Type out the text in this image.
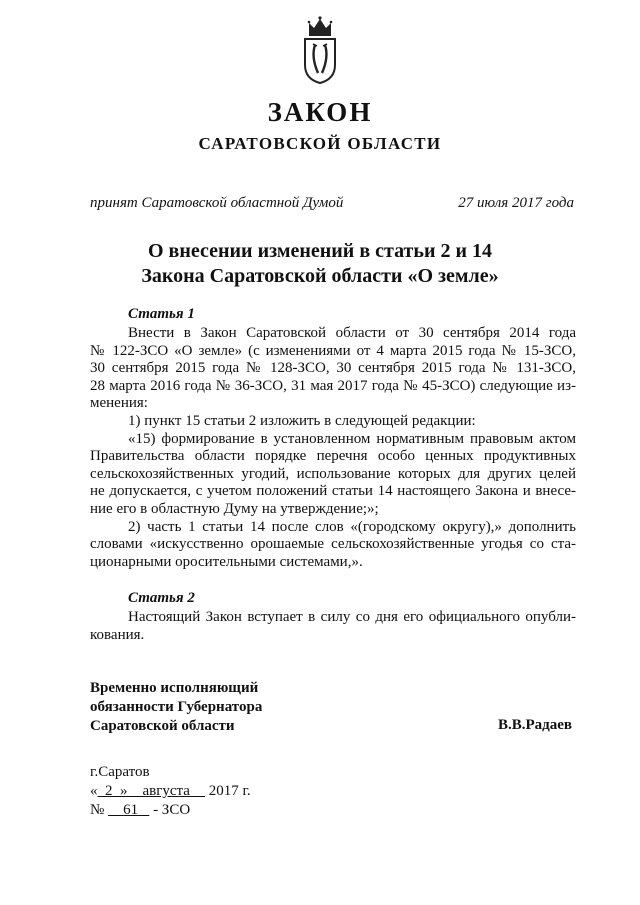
ЗАКОН
САРАТОВСКОЙ ОБЛАСТИ
принят Саратовской областной Думой	27 июля 2017 года
О внесении изменений в статьи 2 и 14
Закона Саратовской области «О земле»
Статья 1
Внести в Закон Саратовской области от 30 сентября 2014 года
№ 122-ЗСО «О земле» (с изменениями от 4 марта 2015 года № 15-ЗСО,
30 сентября 2015 года № 128-ЗСО, 30 сентября 2015 года № 131-ЗСО,
28 марта 2016 года № 36-ЗСО, 31 мая 2017 года № 45-ЗСО) следующие из-
менения:
1) пункт 15 статьи 2 изложить в следующей редакции:
«15) формирование в установленном нормативным правовым актом
Правительства области порядке перечня особо ценных продуктивных
сельскохозяйственных угодий, использование которых для других целей
не допускается, с учетом положений статьи 14 настоящего Закона и внесе-
ние его в областную Думу на утверждение;»;
2) часть 1 статьи 14 после слов «(городскому округу),» дополнить
словами «искусственно орошаемые сельскохозяйственные угодья со ста-
ционарными оросительными системами,».
Статья 2
Настоящий Закон вступает в силу со дня его официального опубли-
кования.
Временно исполняющий
обязанности Губернатора
Саратовской области	В.В.Радаев
г.Саратов
« 2 » августа 2017 г.
№ 61 - ЗСО
